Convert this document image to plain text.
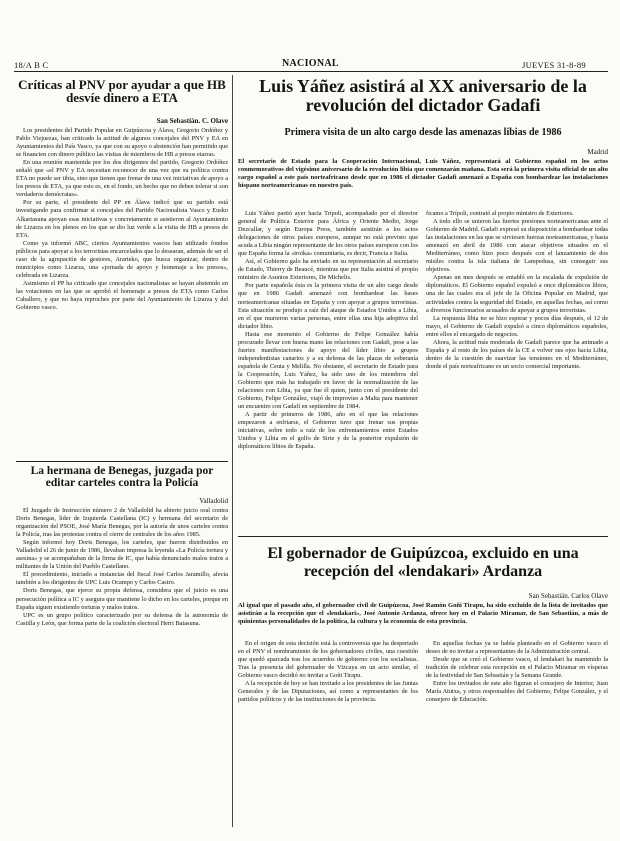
18/A B C	NACIONAL	JUEVES 31-8-89
Críticas al PNV por ayudar a que HB desvíe dinero a ETA
San Sebastián. C. Olave

Los presidentes del Partido Popular en Guipúzcoa y Álava, Gregorio Ordóñez y Pablo Viejuezas, han criticado la actitud de algunos concejales del PNV y EA en Ayuntamientos del País Vasco, ya que con su apoyo o abstención han permitido que se financien con dinero público las visitas de miembros de HB a presos etarras.

En una reunión mantenida por los dos dirigentes del partido, Gregorio Ordóñez señaló que «el PNV y EA necesitan reconocer de una vez que su política contra ETA no puede ser tibia, sino que tienen que frenar de una vez iniciativas de apoyo a los presos de ETA, ya que esto es, en el fondo, un hecho que no deben tolerar si son verdaderos demócratas».

Por su parte, el presidente del PP en Álava indicó que su partido está investigando para confirmar si concejales del Partido Nacionalista Vasco y Eusko Alkartasuna apoyan esas iniciativas y concretamente si asistieron al Ayuntamiento de Lizarza en los plenos en los que se dio luz verde a la visita de HB a presos de ETA.

Como ya informó ABC, ciertos Ayuntamientos vascos han utilizado fondos públicos para apoyar a los terroristas encarcelados que lo desearan, además de ser el caso de la agrupación de gestores, Ararteko, que busca organizar, dentro de municipios como Lizarza, una «jornada de apoyo y homenaje a los presos», celebrada en Lizarza.

Asimismo el PP ha criticado que concejales nacionalistas se hayan abstenido en las votaciones en las que se aprobó el homenaje a presos de ETA como Carlos Caballero, y que no haya reproches por parte del Ayuntamiento de Lizarza y del Gobierno vasco.

La hermana de Benegas, juzgada por editar carteles contra la Policía
Valladolid

El Juzgado de Instrucción número 2 de Valladolid ha abierto juicio oral contra Doris Benegas, líder de Izquierda Castellana (IC) y hermana del secretario de organización del PSOE, José María Benegas, por la autoría de unos carteles contra la Policía, tras las protestas contra el cierre de centrales de los años 1985.

Según informó hoy Doris Benegas, los carteles, que fueron distribuidos en Valladolid el 26 de junio de 1986, llevaban impresa la leyenda «La Policía tortura y asesina» y se acompañaban de la firma de IC, que había denunciado malos tratos a militantes de la Unión del Pueblo Castellano.

El procedimiento, iniciado a instancias del fiscal José Carlos Jaramillo, afecta también a los dirigentes de UPC Luis Ocampo y Carlos Castro.

Doris Benegas, que ejerce su propia defensa, considera que el juicio es una persecución política a IC y asegura que mantiene lo dicho en los carteles, porque en España siguen existiendo torturas y malos tratos.

UPC es un grupo político caracterizado por su defensa de la autonomía de Castilla y León, que forma parte de la coalición electoral Herri Batasuna.

Luis Yáñez asistirá al XX aniversario de la revolución del dictador Gadafi
Primera visita de un alto cargo desde las amenazas libias de 1986
Madrid

El secretario de Estado para la Cooperación Internacional, Luis Yáñez, representará al Gobierno español en los actos conmemorativos del vigésimo aniversario de la revolución libia que comenzarán mañana. Esta será la primera visita oficial de un alto cargo español a este país norteafricano desde que en 1986 el dictador Gadafi amenazó a España con bombardear las instalaciones hispano norteamericanas en nuestro país.

Luis Yáñez partió ayer hacia Trípoli, acompañado por el director general de Política Exterior para África y Oriente Medio, Jorge Dezcallar, y según Europa Press, también asistirán a los actos delegaciones de otros países europeos, aunque no está previsto que acuda a Libia ningún representante de los otros países europeos con los que España forma la «troika» comunitaria, es decir, Francia e Italia.

Así, el Gobierno galo ha enviado en su representación al secretario de Estado, Thierry de Beaucé, mientras que por Italia asistirá el propio ministro de Asuntos Exteriores, De Michelis.

Por parte española ésta es la primera visita de un alto cargo desde que en 1986 Gadafi amenazó con bombardear las bases norteamericanas situadas en España y con apoyar a grupos terroristas. Esta situación se produjo a raíz del ataque de Estados Unidos a Libia, en el que murieron varias personas, entre ellas una hija adoptiva del dictador libio.

Hasta ese momento el Gobierno de Felipe González había procurado llevar con buena mano las relaciones con Gadafi, pese a las fuertes manifestaciones de apoyo del líder libio a grupos independentistas canarios y a su defensa de las plazas de soberanía española de Ceuta y Melilla. No obstante, el secretario de Estado para la Cooperación, Luis Yáñez, ha sido uno de los miembros del Gobierno que más ha trabajado en favor de la normalización de las relaciones con Libia, ya que fue él quien, junto con el presidente del Gobierno, Felipe González, viajó de improviso a Malta para mantener un encuentro con Gadafi en septiembre de 1984.

A partir de primeros de 1986, año en el que las relaciones empezaron a enfriarse, el Gobierno tuvo que frenar sus propias iniciativas, sobre todo a raíz de los enfrentamientos entre Estados Unidos y Libia en el golfo de Sirte y de la posterior expulsión de diplomáticos libios de España.

ficamo a Trípoli, contrató al propio ministro de Exteriores.

A todo ello se unieron las fuertes presiones norteamericanas ante el Gobierno de Madrid. Gadafi expresó su disposición a bombardear todas las instalaciones en las que se sirviesen fuerzas norteamericanas, y hasta amenazó en abril de 1986 con atacar objetivos situados en el Mediterráneo, como hizo poco después con el lanzamiento de dos misiles contra la isla italiana de Lampedusa, sin conseguir sus objetivos.

Apenas un mes después se entabló en la escalada de expulsión de diplomáticos. El Gobierno español expulsó a once diplomáticos libios, una de las cuales era el jefe de la Oficina Popular en Madrid, que actividades contra la seguridad del Estado, en aquellas fechas, así como a diversos funcionarios acusados de apoyar a grupos terroristas.

La respuesta libia no se hizo esperar y pocos días después, el 12 de mayo, el Gobierno de Gadafi expulsó a cinco diplomáticos españoles, entre ellos el encargado de negocios.

Ahora, la actitud más moderada de Gadafi parece que ha animado a España y al resto de los países de la CE a volver sus ojos hacia Libia, dentro de la cuestión de suavizar las tensiones en el Mediterráneo, donde el país norteafricano es un socio comercial importante.

El gobernador de Guipúzcoa, excluido en una recepción del «lendakari» Ardanza
San Sebastián. Carlos Olave

Al igual que el pasado año, el gobernador civil de Guipúzcoa, José Ramón Goñi Tirapu, ha sido excluido de la lista de invitados que asistirán a la recepción que el «lendakari», José Antonio Ardanza, ofrece hoy en el Palacio Miramar, de San Sebastián, a más de quinientas personalidades de la política, la cultura y la economía de esta provincia.

En el origen de esta decisión está la controversia que ha despertado en el PNV el nombramiento de los gobernadores civiles, una cuestión que quedó aparcada tras los acuerdos de gobierno con los socialistas. Tras la presencia del gobernador de Vizcaya en un acto similar, el Gobierno vasco decidió no invitar a Goñi Tirapu.

A la recepción de hoy se han invitado a los presidentes de las Juntas Generales y de las Diputaciones, así como a representantes de los partidos políticos y de las instituciones de la provincia.

En aquellas fechas ya se había planteado en el Gobierno vasco el deseo de no invitar a representantes de la Administración central.

Desde que se creó el Gobierno vasco, el lendakari ha mantenido la tradición de celebrar esta recepción en el Palacio Miramar en vísperas de la festividad de San Sebastián y la Semana Grande.

Entre los invitados de este año figuran el consejero de Interior, Juan María Atutxa, y otros responsables del Gobierno, Felipe González, y el consejero de Educación.
